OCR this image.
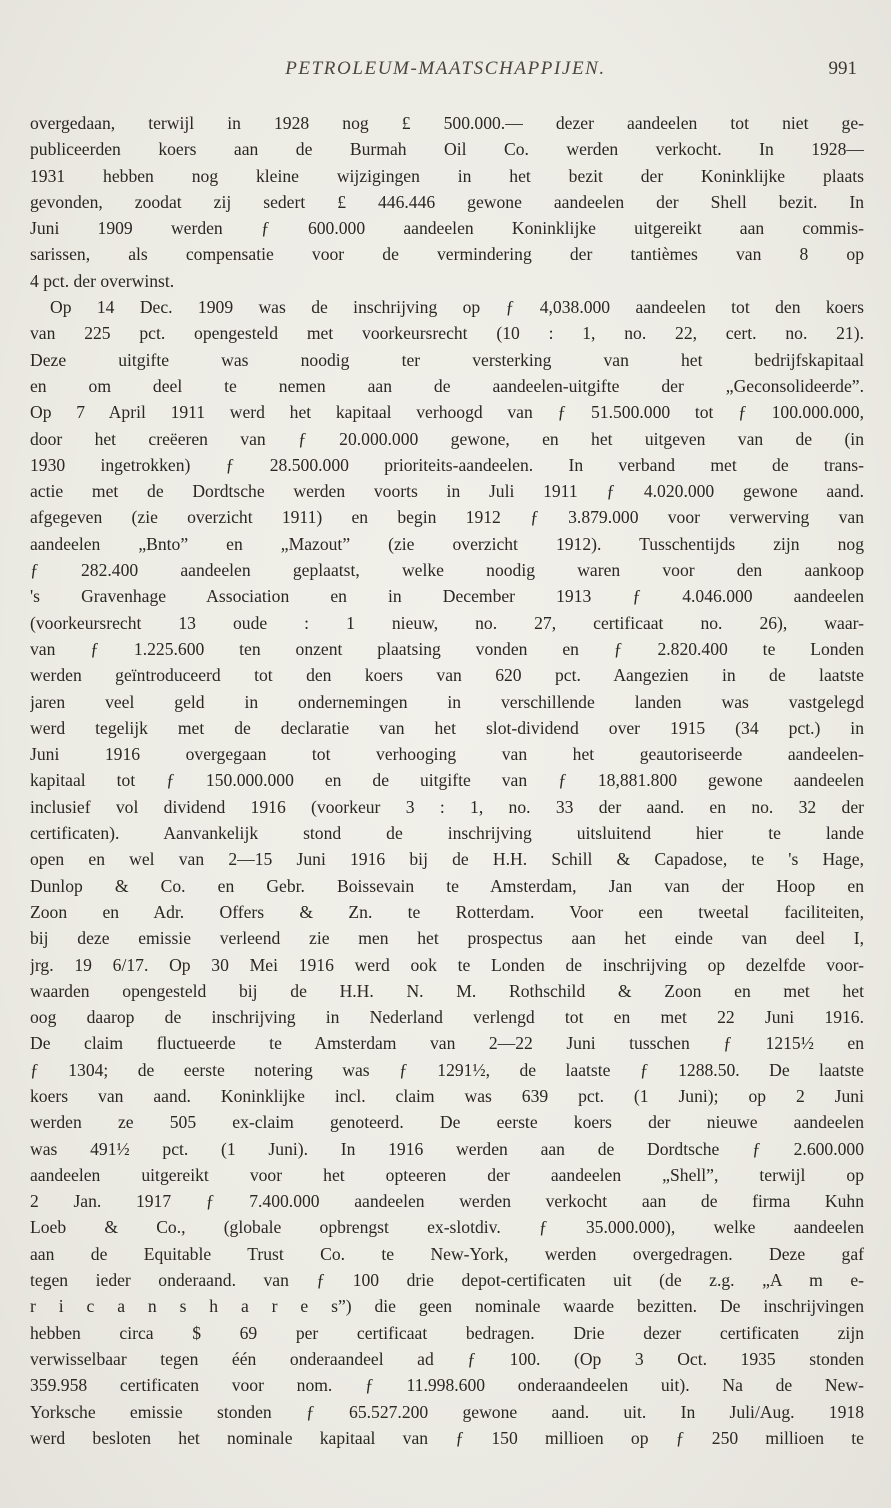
PETROLEUM-MAATSCHAPPIJEN.	991
overgedaan, terwijl in 1928 nog £ 500.000.— dezer aandeelen tot niet ge-
publiceerden koers aan de Burmah Oil Co. werden verkocht. In 1928—
1931 hebben nog kleine wijzigingen in het bezit der Koninklijke plaats
gevonden, zoodat zij sedert £ 446.446 gewone aandeelen der Shell bezit. In
Juni 1909 werden ƒ 600.000 aandeelen Koninklijke uitgereikt aan commis-
sarissen, als compensatie voor de vermindering der tantièmes van 8 op
4 pct. der overwinst.
Op 14 Dec. 1909 was de inschrijving op ƒ 4,038.000 aandeelen tot den koers
van 225 pct. opengesteld met voorkeursrecht (10 : 1, no. 22, cert. no. 21).
Deze uitgifte was noodig ter versterking van het bedrijfskapitaal
en om deel te nemen aan de aandeelen-uitgifte der „Geconsolideerde”.
Op 7 April 1911 werd het kapitaal verhoogd van ƒ 51.500.000 tot ƒ 100.000.000,
door het creëeren van ƒ 20.000.000 gewone, en het uitgeven van de (in
1930 ingetrokken) ƒ 28.500.000 prioriteits-aandeelen. In verband met de trans-
actie met de Dordtsche werden voorts in Juli 1911 ƒ 4.020.000 gewone aand.
afgegeven (zie overzicht 1911) en begin 1912 ƒ 3.879.000 voor verwerving van
aandeelen „Bnto” en „Mazout” (zie overzicht 1912). Tusschentijds zijn nog
ƒ 282.400 aandeelen geplaatst, welke noodig waren voor den aankoop
's Gravenhage Association en in December 1913 ƒ 4.046.000 aandeelen
(voorkeursrecht 13 oude : 1 nieuw, no. 27, certificaat no. 26), waar-
van ƒ 1.225.600 ten onzent plaatsing vonden en ƒ 2.820.400 te Londen
werden geïntroduceerd tot den koers van 620 pct. Aangezien in de laatste
jaren veel geld in ondernemingen in verschillende landen was vastgelegd
werd tegelijk met de declaratie van het slot-dividend over 1915 (34 pct.) in
Juni 1916 overgegaan tot verhooging van het geautoriseerde aandeelen-
kapitaal tot ƒ 150.000.000 en de uitgifte van ƒ 18,881.800 gewone aandeelen
inclusief vol dividend 1916 (voorkeur 3 : 1, no. 33 der aand. en no. 32 der
certificaten). Aanvankelijk stond de inschrijving uitsluitend hier te lande
open en wel van 2—15 Juni 1916 bij de H.H. Schill & Capadose, te 's Hage,
Dunlop & Co. en Gebr. Boissevain te Amsterdam, Jan van der Hoop en
Zoon en Adr. Offers & Zn. te Rotterdam. Voor een tweetal faciliteiten,
bij deze emissie verleend zie men het prospectus aan het einde van deel I,
jrg. 19 6/17. Op 30 Mei 1916 werd ook te Londen de inschrijving op dezelfde voor-
waarden opengesteld bij de H.H. N. M. Rothschild & Zoon en met het
oog daarop de inschrijving in Nederland verlengd tot en met 22 Juni 1916.
De claim fluctueerde te Amsterdam van 2—22 Juni tusschen ƒ 1215½ en
ƒ 1304; de eerste notering was ƒ 1291½, de laatste ƒ 1288.50. De laatste
koers van aand. Koninklijke incl. claim was 639 pct. (1 Juni); op 2 Juni
werden ze 505 ex-claim genoteerd. De eerste koers der nieuwe aandeelen
was 491½ pct. (1 Juni). In 1916 werden aan de Dordtsche ƒ 2.600.000
aandeelen uitgereikt voor het opteeren der aandeelen „Shell”, terwijl op
2 Jan. 1917 ƒ 7.400.000 aandeelen werden verkocht aan de firma Kuhn
Loeb & Co., (globale opbrengst ex-slotdiv. ƒ 35.000.000), welke aandeelen
aan de Equitable Trust Co. te New-York, werden overgedragen. Deze gaf
tegen ieder onderaand. van ƒ 100 drie depot-certificaten uit (de z.g. „A m e-
r i c a n s h a r e s”) die geen nominale waarde bezitten. De inschrijvingen
hebben circa $ 69 per certificaat bedragen. Drie dezer certificaten zijn
verwisselbaar tegen één onderaandeel ad ƒ 100. (Op 3 Oct. 1935 stonden
359.958 certificaten voor nom. ƒ 11.998.600 onderaandeelen uit). Na de New-
Yorksche emissie stonden ƒ 65.527.200 gewone aand. uit. In Juli/Aug. 1918
werd besloten het nominale kapitaal van ƒ 150 millioen op ƒ 250 millioen te
